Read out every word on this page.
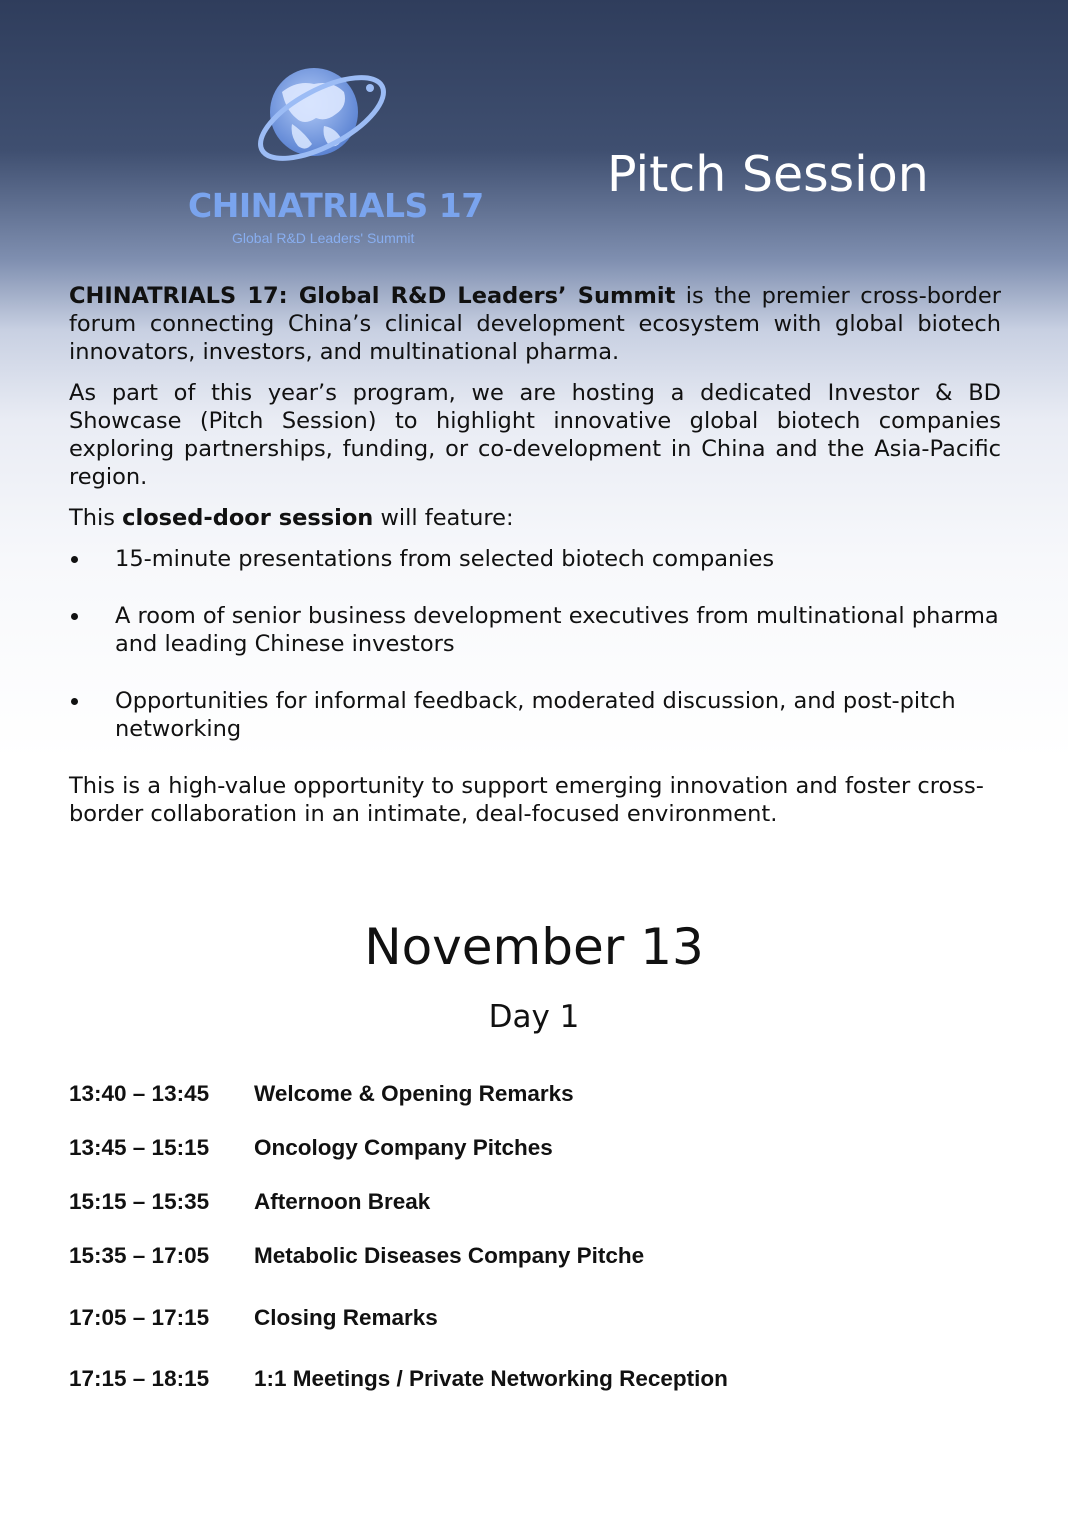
CHINATRIALS 17
Global R&D Leaders' Summit
Pitch Session

CHINATRIALS 17: Global R&D Leaders’ Summit is the premier cross-border forum connecting China’s clinical development ecosystem with global biotech innovators, investors, and multinational pharma.

As part of this year’s program, we are hosting a dedicated Investor & BD Showcase (Pitch Session) to highlight innovative global biotech companies exploring partnerships, funding, or co-development in China and the Asia-Pacific region.

This closed-door session will feature:

15-minute presentations from selected biotech companies
A room of senior business development executives from multinational pharma and leading Chinese investors
Opportunities for informal feedback, moderated discussion, and post-pitch networking

This is a high-value opportunity to support emerging innovation and foster cross-border collaboration in an intimate, deal-focused environment.

November 13
Day 1
13:40 – 13:45 Welcome & Opening Remarks
13:45 – 15:15 Oncology Company Pitches
15:15 – 15:35 Afternoon Break
15:35 – 17:05 Metabolic Diseases Company Pitche
17:05 – 17:15 Closing Remarks
17:15 – 18:15 1:1 Meetings / Private Networking Reception
